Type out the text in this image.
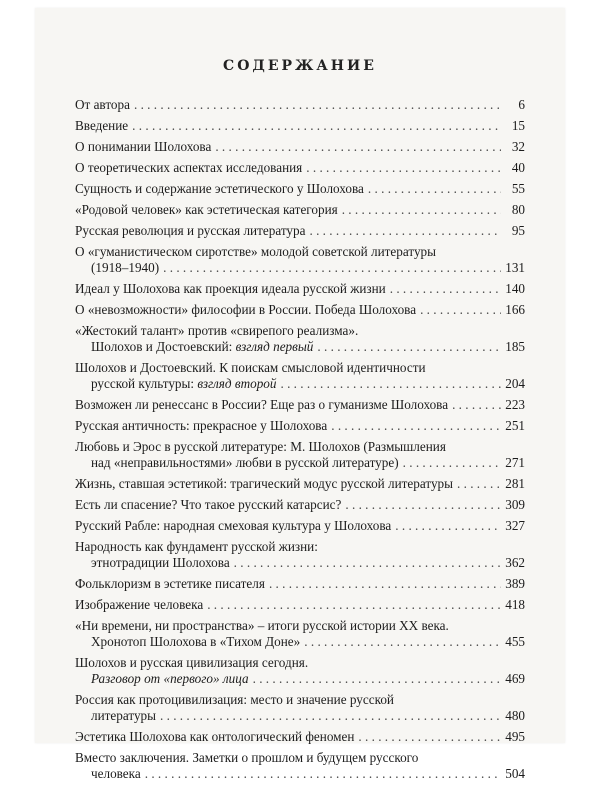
СОДЕРЖАНИЕ
От автора . . .	6
Введение . . .	15
О понимании Шолохова . . .	32
О теоретических аспектах исследования . . .	40
Сущность и содержание эстетического у Шолохова . . .	55
«Родовой человек» как эстетическая категория . . .	80
Русская революция и русская литература . . .	95
О «гуманистическом сиротстве» молодой советской литературы
(1918–1940) . . .	131
Идеал у Шолохова как проекция идеала русской жизни . . .	140
О «невозможности» философии в России. Победа Шолохова . . .	166
«Жестокий талант» против «свирепого реализма».
Шолохов и Достоевский: взгляд первый . . .	185
Шолохов и Достоевский. К поискам смысловой идентичности
русской культуры: взгляд второй . . .	204
Возможен ли ренессанс в России? Еще раз о гуманизме Шолохова . . .	223
Русская античность: прекрасное у Шолохова . . .	251
Любовь и Эрос в русской литературе: М. Шолохов (Размышления
над «неправильностями» любви в русской литературе) . . .	271
Жизнь, ставшая эстетикой: трагический модус русской литературы . . .	281
Есть ли спасение? Что такое русский катарсис? . . .	309
Русский Рабле: народная смеховая культура у Шолохова . . .	327
Народность как фундамент русской жизни:
этнотрадиции Шолохова . . .	362
Фольклоризм в эстетике писателя . . .	389
Изображение человека . . .	418
«Ни времени, ни пространства» – итоги русской истории XX века.
Хронотоп Шолохова в «Тихом Доне» . . .	455
Шолохов и русская цивилизация сегодня.
Разговор от «первого» лица . . .	469
Россия как протоцивилизация: место и значение русской
литературы . . .	480
Эстетика Шолохова как онтологический феномен . . .	495
Вместо заключения. Заметки о прошлом и будущем русского
человека . . .	504
